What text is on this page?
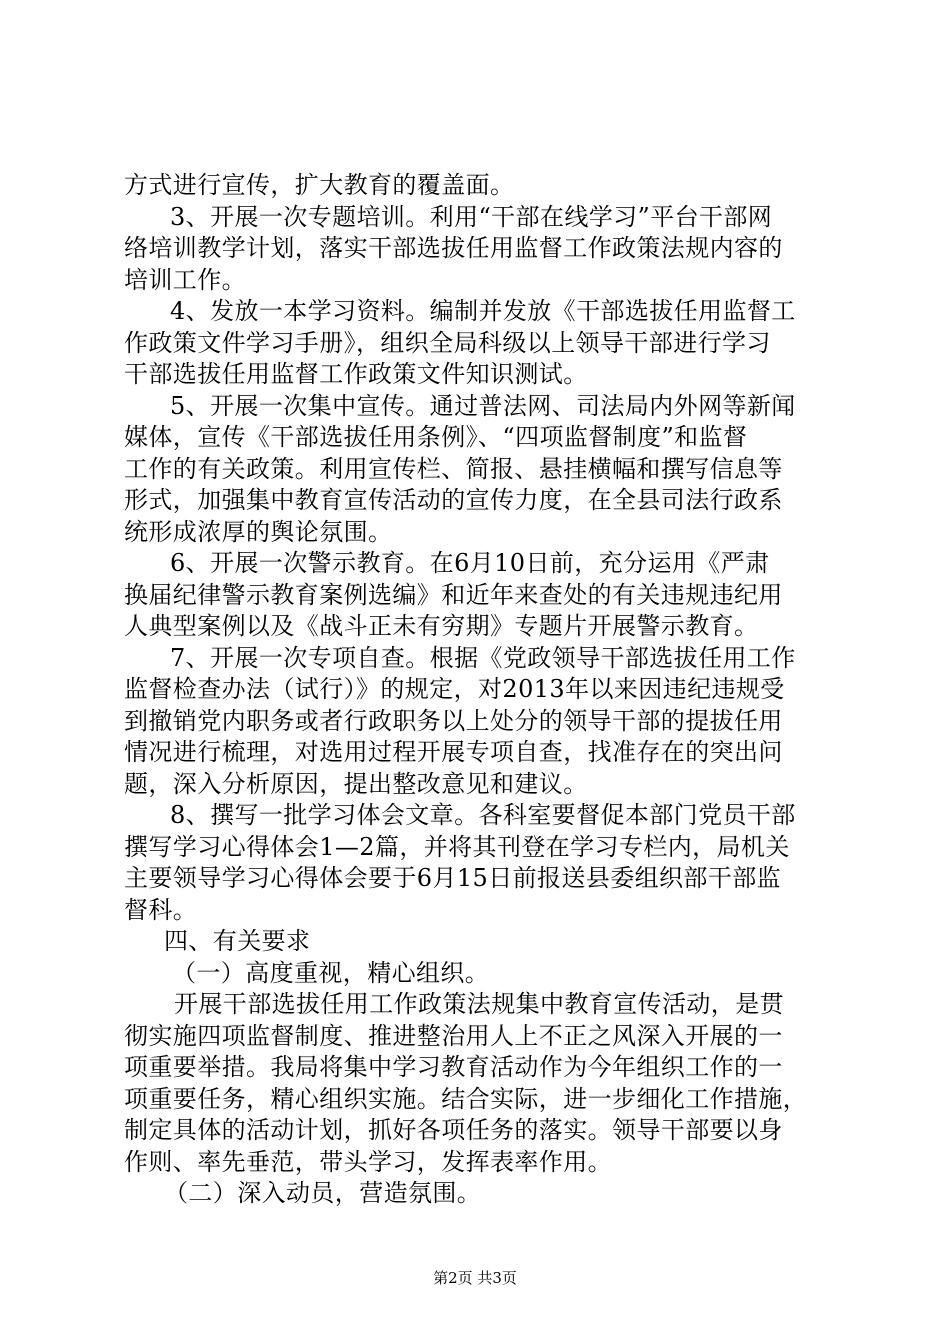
方式进行宣传，扩大教育的覆盖面。
3、开展一次专题培训。利用“干部在线学习”平台干部网
络培训教学计划，落实干部选拔任用监督工作政策法规内容的
培训工作。
4、发放一本学习资料。编制并发放《干部选拔任用监督工
作政策文件学习手册》，组织全局科级以上领导干部进行学习
干部选拔任用监督工作政策文件知识测试。
5、开展一次集中宣传。通过普法网、司法局内外网等新闻
媒体，宣传《干部选拔任用条例》、“四项监督制度”和监督
工作的有关政策。利用宣传栏、简报、悬挂横幅和撰写信息等
形式，加强集中教育宣传活动的宣传力度，在全县司法行政系
统形成浓厚的舆论氛围。
6、开展一次警示教育。在6月10日前，充分运用《严肃
换届纪律警示教育案例选编》和近年来查处的有关违规违纪用
人典型案例以及《战斗正未有穷期》专题片开展警示教育。
7、开展一次专项自查。根据《党政领导干部选拔任用工作
监督检查办法（试行）》的规定，对2013年以来因违纪违规受
到撤销党内职务或者行政职务以上处分的领导干部的提拔任用
情况进行梳理，对选用过程开展专项自查，找准存在的突出问
题，深入分析原因，提出整改意见和建议。
8、撰写一批学习体会文章。各科室要督促本部门党员干部
撰写学习心得体会1—2篇，并将其刊登在学习专栏内，局机关
主要领导学习心得体会要于6月15日前报送县委组织部干部监
督科。
四、有关要求
（一）高度重视，精心组织。
开展干部选拔任用工作政策法规集中教育宣传活动，是贯
彻实施四项监督制度、推进整治用人上不正之风深入开展的一
项重要举措。我局将集中学习教育活动作为今年组织工作的一
项重要任务，精心组织实施。结合实际，进一步细化工作措施，
制定具体的活动计划，抓好各项任务的落实。领导干部要以身
作则、率先垂范，带头学习，发挥表率作用。
（二）深入动员，营造氛围。
第2页 共3页
